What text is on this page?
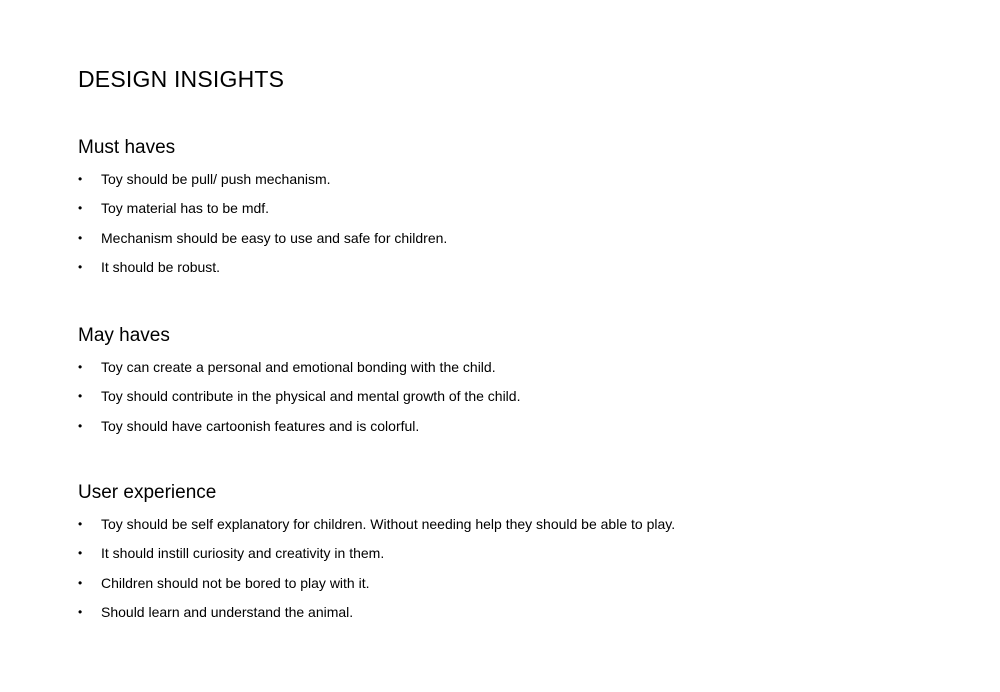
DESIGN INSIGHTS
Must haves
• Toy should be pull/ push mechanism.
• Toy material has to be mdf.
• Mechanism should be easy to use and safe for children.
• It should be robust.
May haves
• Toy can create a personal and emotional bonding with the child.
• Toy should contribute in the physical and mental growth of the child.
• Toy should have cartoonish features and is colorful.
User experience
• Toy should be self explanatory for children. Without needing help they should be able to play.
• It should instill curiosity and creativity in them.
• Children should not be bored to play with it.
• Should learn and understand the animal.
